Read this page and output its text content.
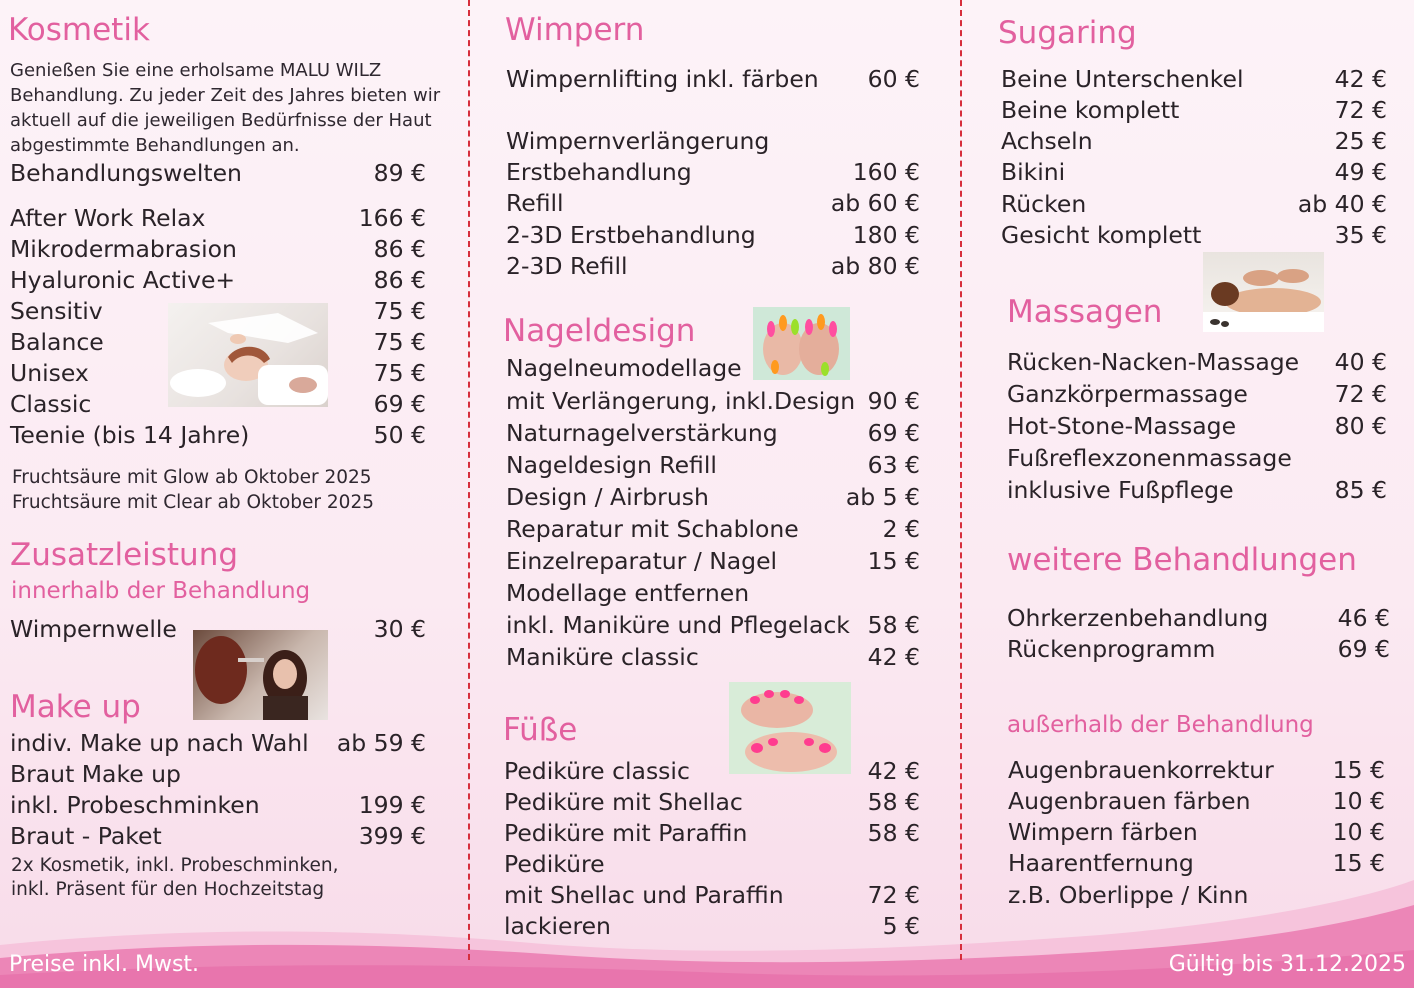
Kosmetik
Genießen Sie eine erholsame MALU WILZ
Behandlung. Zu jeder Zeit des Jahres bieten wir
aktuell auf die jeweiligen Bedürfnisse der Haut
abgestimmte Behandlungen an.
Behandlungswelten	89 €
After Work Relax	166 €
Mikrodermabrasion	86 €
Hyaluronic Active+	86 €
Sensitiv	75 €
Balance	75 €
Unisex	75 €
Classic	69 €
Teenie (bis 14 Jahre)	50 €
Fruchtsäure mit Glow ab Oktober 2025
Fruchtsäure mit Clear ab Oktober 2025
Zusatzleistung
innerhalb der Behandlung
Wimpernwelle	30 €
Make up
indiv. Make up nach Wahl ab 59 €
Braut Make up
inkl. Probeschminken	199 €
Braut - Paket	399 €
2x Kosmetik, inkl. Probeschminken,
inkl. Präsent für den Hochzeitstag
Wimpern
Wimpernlifting inkl. färben 60 €
Wimpernverlängerung
Erstbehandlung	160 €
Refill	ab 60 €
2-3D Erstbehandlung	180 €
2-3D Refill	ab 80 €
Nageldesign
Nagelneumodellage
mit Verlängerung, inkl.Design 90 €
Naturnagelverstärkung	69 €
Nageldesign Refill	63 €
Design / Airbrush	ab 5 €
Reparatur mit Schablone	2 €
Einzelreparatur / Nagel	15 €
Modellage entfernen
inkl. Maniküre und Pflegelack 58 €
Maniküre classic	42 €
Füße
Pediküre classic	42 €
Pediküre mit Shellac	58 €
Pediküre mit Paraffin	58 €
Pediküre
mit Shellac und Paraffin	72 €
lackieren	5 €
Sugaring
Beine Unterschenkel	42 €
Beine komplett	72 €
Achseln	25 €
Bikini	49 €
Rücken	ab 40 €
Gesicht komplett	35 €
Massagen
Rücken-Nacken-Massage 40 €
Ganzkörpermassage	72 €
Hot-Stone-Massage	80 €
Fußreflexzonenmassage
inklusive Fußpflege	85 €
weitere Behandlungen
Ohrkerzenbehandlung	46 €
Rückenprogramm	69 €
außerhalb der Behandlung
Augenbrauenkorrektur	15 €
Augenbrauen färben	10 €
Wimpern färben	10 €
Haarentfernung	15 €
z.B. Oberlippe / Kinn
Preise inkl. Mwst.	Gültig bis 31.12.2025
